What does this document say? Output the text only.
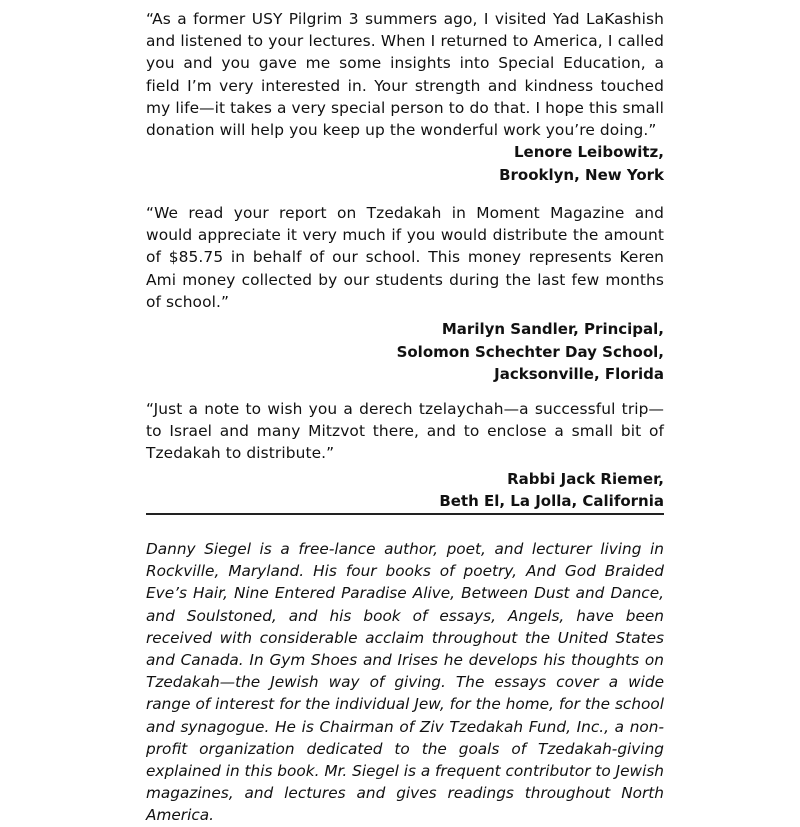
“As a former USY Pilgrim 3 summers ago, I visited Yad LaKashish and listened to your lectures. When I returned to America, I called you and you gave me some insights into Special Education, a field I’m very interested in. Your strength and kindness touched my life—it takes a very special person to do that. I hope this small donation will help you keep up the wonderful work you’re doing.”

Lenore Leibowitz,
Brooklyn, New York

“We read your report on Tzedakah in Moment Magazine and would appreciate it very much if you would distribute the amount of $85.75 in behalf of our school. This money represents Keren Ami money collected by our students during the last few months of school.”

Marilyn Sandler, Principal,
Solomon Schechter Day School,
Jacksonville, Florida

“Just a note to wish you a derech tzelaychah—a successful trip—to Israel and many Mitzvot there, and to enclose a small bit of Tzedakah to distribute.”

Rabbi Jack Riemer,
Beth El, La Jolla, California

Danny Siegel is a free-lance author, poet, and lecturer living in Rockville, Maryland. His four books of poetry, And God Braided Eve’s Hair, Nine Entered Paradise Alive, Between Dust and Dance, and Soulstoned, and his book of essays, Angels, have been received with considerable acclaim throughout the United States and Canada. In Gym Shoes and Irises he develops his thoughts on Tzedakah—the Jewish way of giving. The essays cover a wide range of interest for the individual Jew, for the home, for the school and synagogue. He is Chairman of Ziv Tzedakah Fund, Inc., a non-profit organization dedicated to the goals of Tzedakah-giving explained in this book. Mr. Siegel is a frequent contributor to Jewish magazines, and lectures and gives readings throughout North America.
